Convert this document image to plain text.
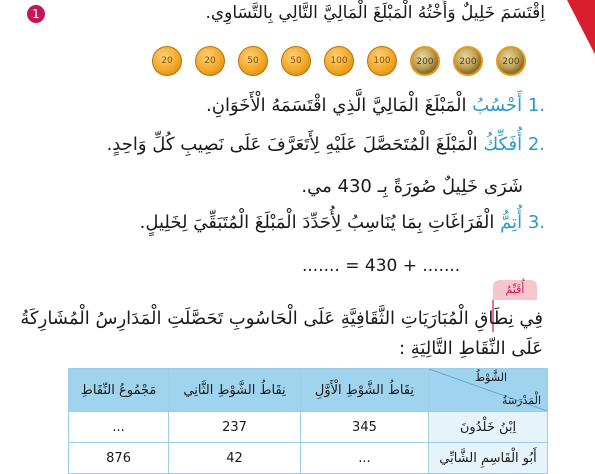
1	اِقْتَسَمَ خَلِيلٌ وَأُخْتُهُ الْمَبْلَغَ الْمَالِيَّ التَّالِي بِالتَّسَاوِي.
20	20	50	50	100	100	200	200	200
.1 أَحْسُبُ الْمَبْلَغَ الْمَالِيَّ الَّذِي اقْتَسَمَهُ الْأَخَوَانِ.
.2 أُفَكِّكُ الْمَبْلَغَ الْمُتَحَصَّلَ عَلَيْهِ لِأَتَعَرَّفَ عَلَى نَصِيبِ كُلِّ وَاحِدٍ.
شَرَى خَلِيلٌ صُورَةً بِـ 430 مي.
.3 أُتِمُّ الْفَرَاغَاتِ بِمَا يُنَاسِبُ لِأُحَدِّدَ الْمَبْلَغَ الْمُتَبَقِّيَ لِخَلِيلٍ.
....... = 430 + .......
أُقَيِّمُ
فِي نِطَاقِ الْمُبَارَيَاتِ الثَّقَافِيَّةِ عَلَى الْحَاسُوبِ تَحَصَّلَتِ الْمَدَارِسُ الْمُشَارِكَةُ
عَلَى النِّقَاطِ التَّالِيَةِ :
الشَّوْطُ
الْمَدْرَسَةُ	نِقَاطُ الشَّوْطِ الْأَوَّلِ	نِقَاطُ الشَّوْطِ الثَّانِي	مَجْمُوعُ النِّقَاطِ
اِبْنُ خَلْدُونَ	345	237	...
أَبُو الْقَاسِمِ الشَّابِّي	...	42	876
